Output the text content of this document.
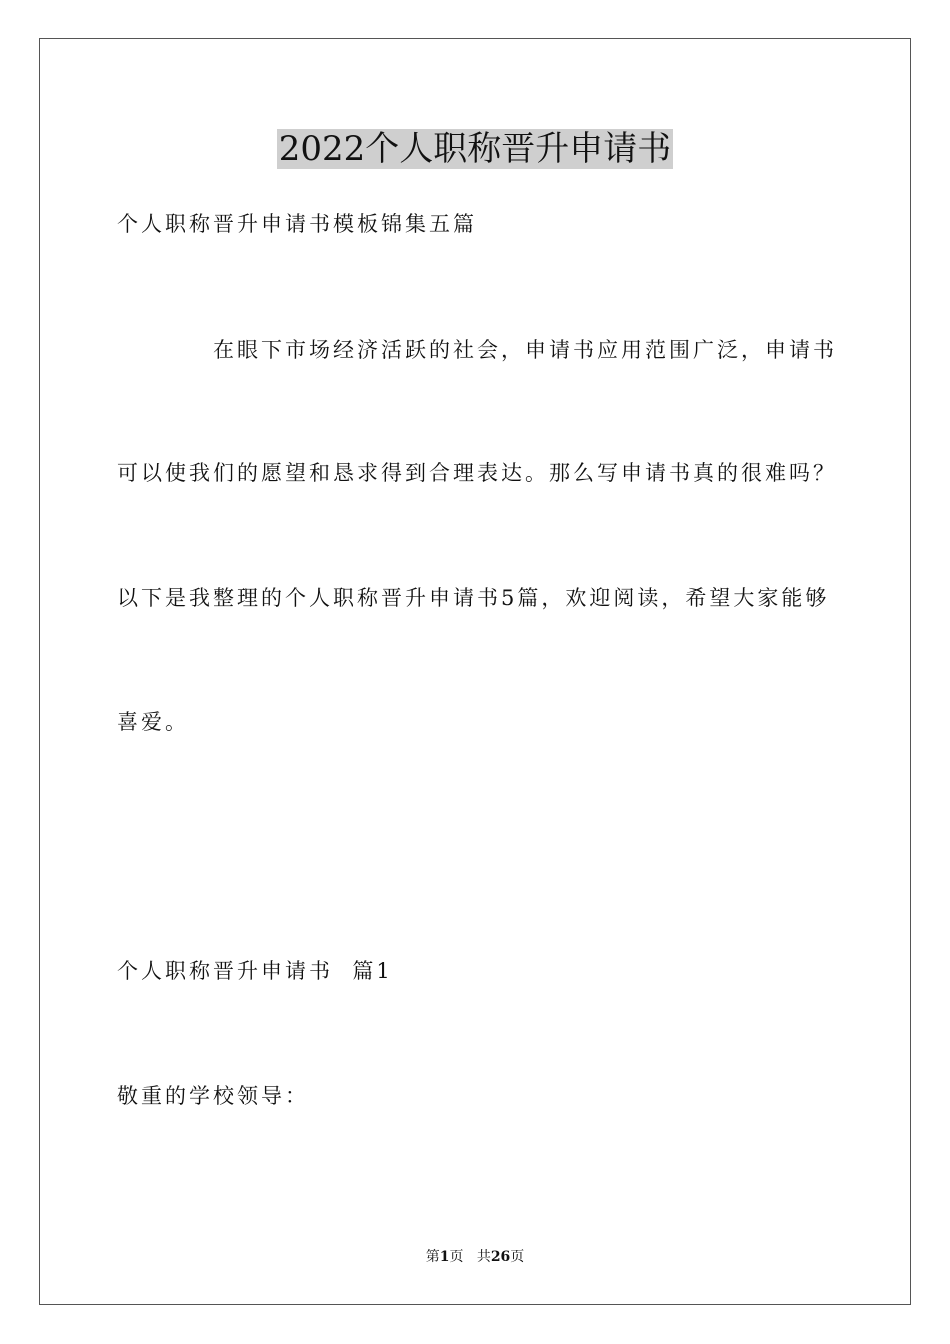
2022个人职称晋升申请书

个人职称晋升申请书模板锦集五篇

在眼下市场经济活跃的社会，申请书应用范围广泛，申请书

可以使我们的愿望和恳求得到合理表达。那么写申请书真的很难吗？

以下是我整理的个人职称晋升申请书5篇，欢迎阅读，希望大家能够

喜爱。

个人职称晋升申请书  篇1

敬重的学校领导：

第1页 共26页
